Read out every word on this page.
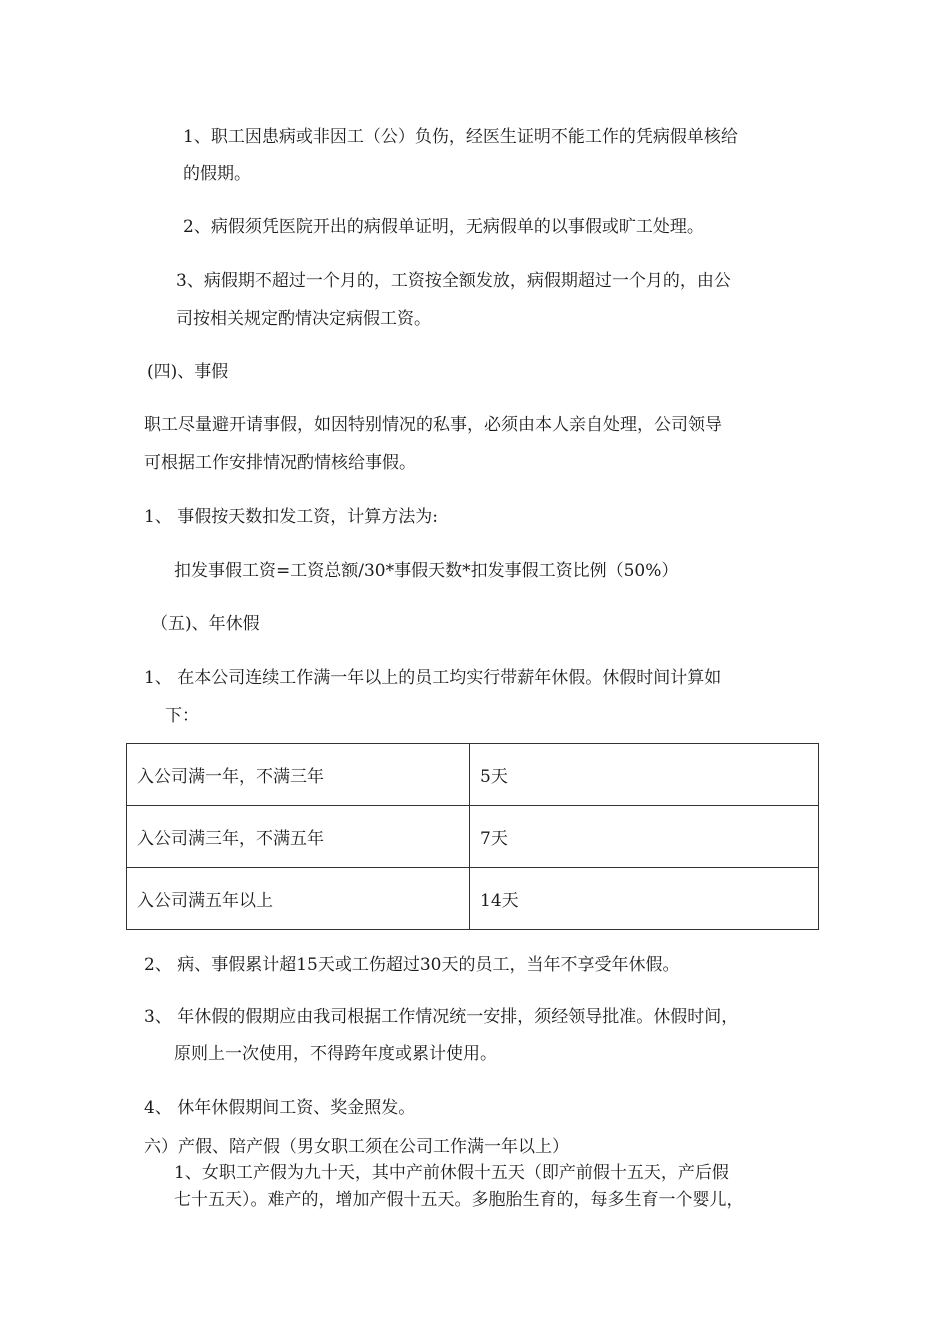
1、职工因患病或非因工（公）负伤，经医生证明不能工作的凭病假单核给
的假期。
2、病假须凭医院开出的病假单证明，无病假单的以事假或旷工处理。
3、病假期不超过一个月的，工资按全额发放，病假期超过一个月的，由公
司按相关规定酌情决定病假工资。
(四)、事假
职工尽量避开请事假，如因特别情况的私事，必须由本人亲自处理，公司领导
可根据工作安排情况酌情核给事假。
1、 事假按天数扣发工资，计算方法为:
扣发事假工资=工资总额/30*事假天数*扣发事假工资比例（50%）
（五)、年休假
1、 在本公司连续工作满一年以上的员工均实行带薪年休假。休假时间计算如
下：
入公司满一年，不满三年	5天
入公司满三年，不满五年	7天
入公司满五年以上	14天
2、 病、事假累计超15天或工伤超过30天的员工，当年不享受年休假。
3、 年休假的假期应由我司根据工作情况统一安排，须经领导批准。休假时间，
原则上一次使用，不得跨年度或累计使用。
4、 休年休假期间工资、奖金照发。
六）产假、陪产假（男女职工须在公司工作满一年以上）
1、女职工产假为九十天，其中产前休假十五天（即产前假十五天，产后假
七十五天）。难产的，增加产假十五天。多胞胎生育的，每多生育一个婴儿，
